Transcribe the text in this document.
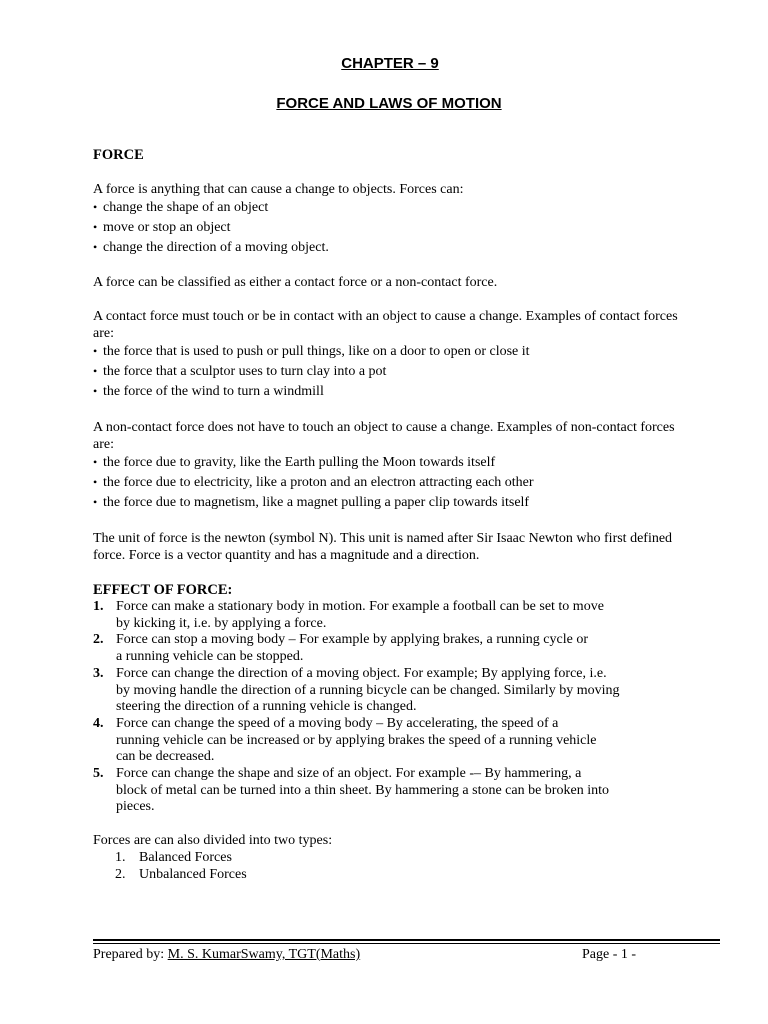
CHAPTER – 9
FORCE AND LAWS OF MOTION
FORCE

A force is anything that can cause a change to objects. Forces can:

• change the shape of an object
• move or stop an object
• change the direction of a moving object.

A force can be classified as either a contact force or a non-contact force.

A contact force must touch or be in contact with an object to cause a change. Examples of contact forces are:

• the force that is used to push or pull things, like on a door to open or close it
• the force that a sculptor uses to turn clay into a pot
• the force of the wind to turn a windmill

A non-contact force does not have to touch an object to cause a change. Examples of non-contact forces are:

• the force due to gravity, like the Earth pulling the Moon towards itself
• the force due to electricity, like a proton and an electron attracting each other
• the force due to magnetism, like a magnet pulling a paper clip towards itself

The unit of force is the newton (symbol N). This unit is named after Sir Isaac Newton who first defined force. Force is a vector quantity and has a magnitude and a direction.

EFFECT OF FORCE:
1. Force can make a stationary body in motion. For example a football can be set to move
by kicking it, i.e. by applying a force.
2. Force can stop a moving body – For example by applying brakes, a running cycle or
a running vehicle can be stopped.
3. Force can change the direction of a moving object. For example; By applying force, i.e.
by moving handle the direction of a running bicycle can be changed. Similarly by moving
steering the direction of a running vehicle is changed.
4. Force can change the speed of a moving body – By accelerating, the speed of a
running vehicle can be increased or by applying brakes the speed of a running vehicle
can be decreased.
5. Force can change the shape and size of an object. For example -– By hammering, a
block of metal can be turned into a thin sheet. By hammering a stone can be broken into
pieces.

Forces are can also divided into two types:

1. Balanced Forces
2. Unbalanced Forces
Prepared by: M. S. KumarSwamy, TGT(Maths)	Page - 1 -
